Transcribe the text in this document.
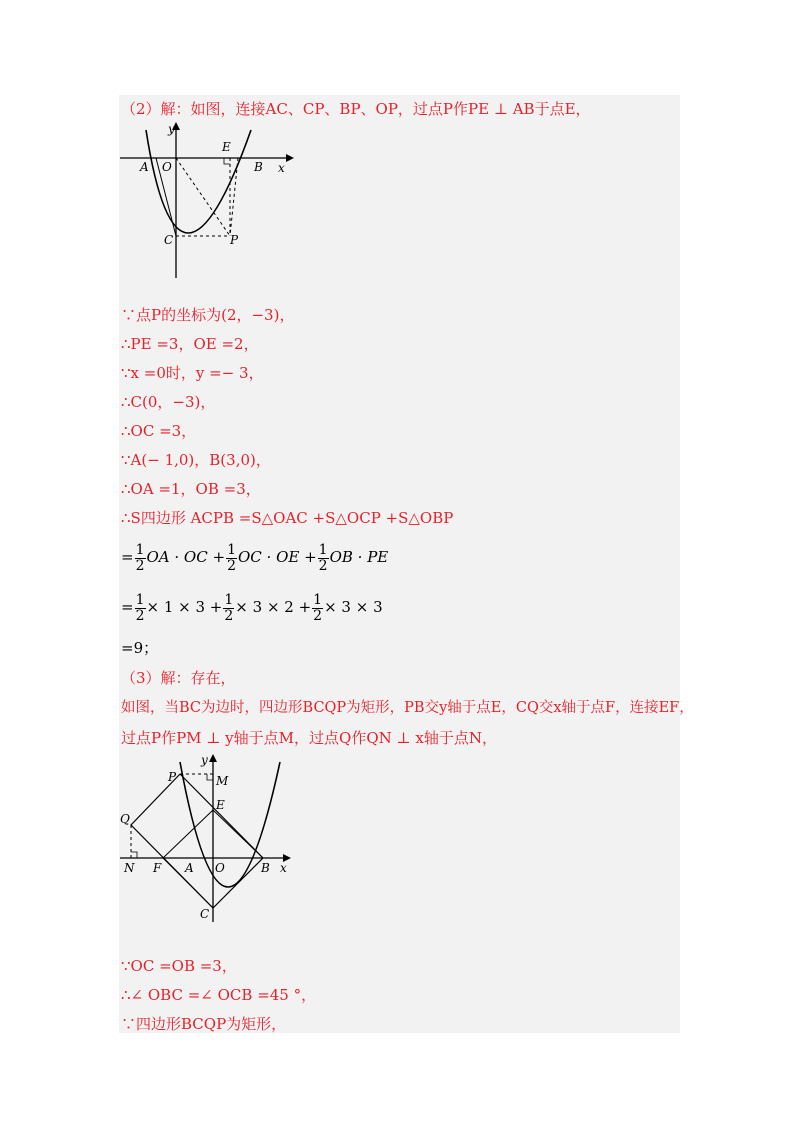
（2）解：如图，连接AC、CP、BP、OP，过点P作PE ⊥ AB于点E，
y
x
E
A O	B
C	P
∵点P的坐标为(2，−3)，
∴PE =3，OE =2，
∵x =0时，y =− 3，
∴C(0，−3)，
∴OC =3，
∵A(− 1,0)，B(3,0)，
∴OA =1，OB =3，
∴S四边形 ACPB =S△OAC +S△OCP +S△OBP
= $\frac{1}{2}$ OA · OC + $\frac{1}{2}$ OC · OE + $\frac{1}{2}$ OB · PE
= $\frac{1}{2} \times 1 \times 3 + \frac{1}{2} \times 3 \times 2 + \frac{1}{2} \times 3 \times 3$
=9；
（3）解：存在，
如图，当BC为边时，四边形BCQP为矩形，PB交y轴于点E，CQ交x轴于点F，连接EF，
过点P作PM ⊥ y轴于点M，过点Q作QN ⊥ x轴于点N，
y
P	M
E
Q
N F A O	B x
C
∵OC =OB =3，
∴∠ OBC =∠ OCB =45 °，
∵四边形BCQP为矩形，
